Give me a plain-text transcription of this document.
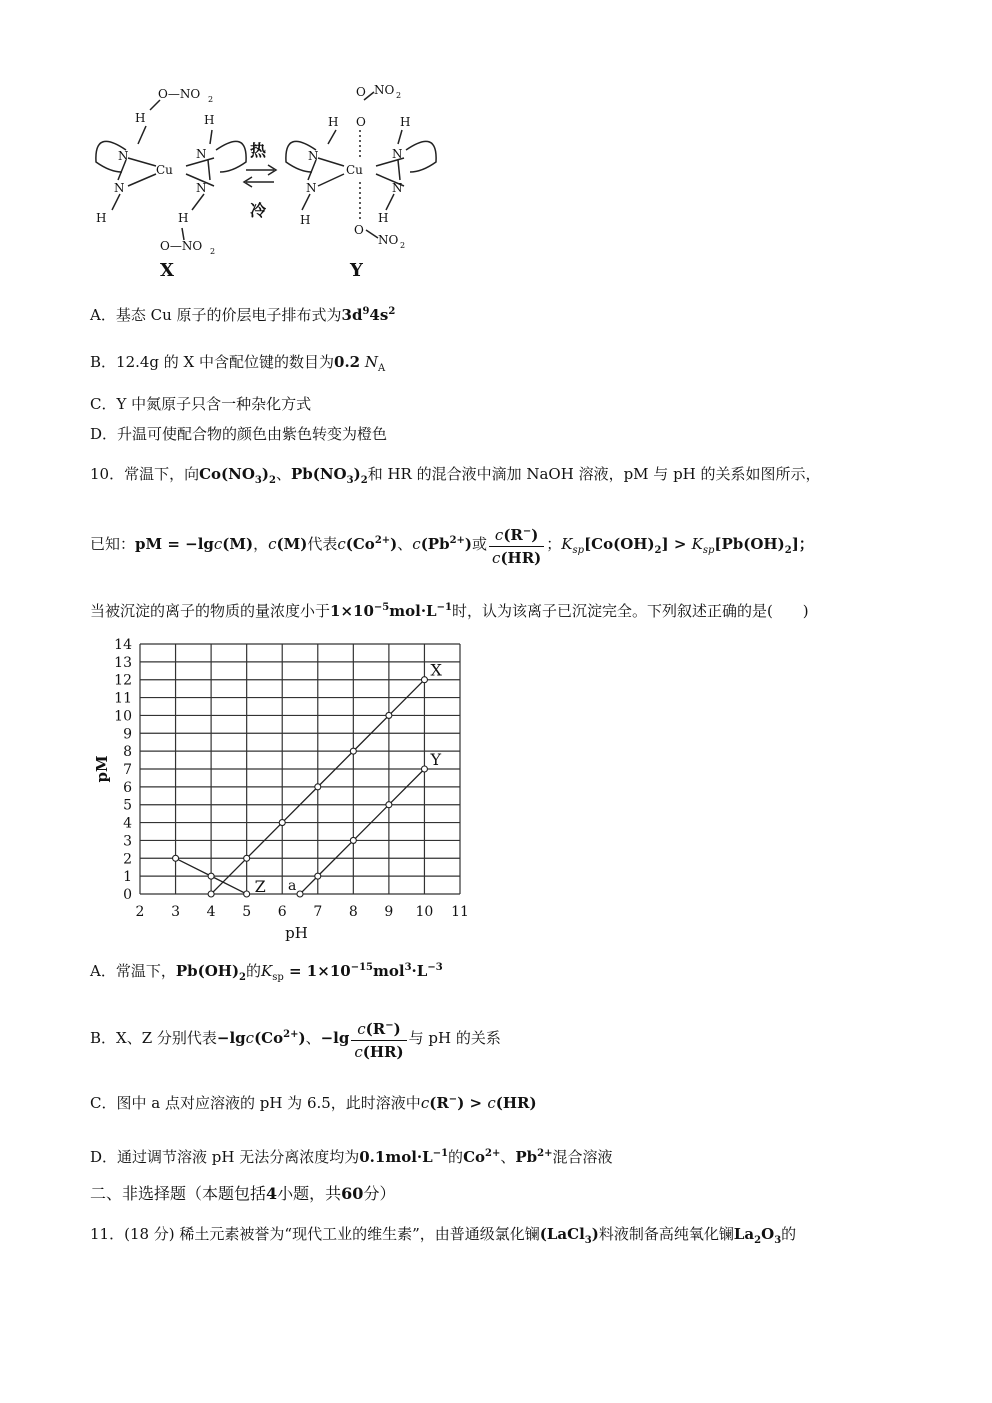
O—NO 2
H	H
N	N
Cu
N	N
H	H
O—NO 2
X
热
冷
O NO 2
H O	H
N	N
Cu
N	N
H	H
O
NO 2
Y
A．基态 Cu 原子的价层电子排布式为$3d^94s^2$
B．12.4g 的 X 中含配位键的数目为0.2 $N_A$
C．Y 中氮原子只含一种杂化方式
D．升温可使配合物的颜色由紫色转变为橙色
10．常温下，向$Co(NO_3)_2$、$Pb(NO_3)_2$和 HR 的混合液中滴加 NaOH 溶液，pM 与 pH 的关系如图所示，
已知：pM = −lgc(M)，c(M)代表$c(Co^{2+})$、$c(Pb^{2+})$或 $\frac{c(R^-)}{c(HR)}$ ；$K_{sp}[Co(OH)_2] > K_{sp}[Pb(OH)_2]$；
当被沉淀的离子的物质的量浓度小于$1\times 10^{-5}mol\cdot L^{-1}$时，认为该离子已沉淀完全。下列叙述正确的是(　　)
2 3 4 5 6 7 8 9 10 11
0
1
2
3
4
5
6
7
8
9
10
11
12
13
14
pH
pM
X
Y
Z a
A．常温下，$Pb(OH)_2$的$K_{sp} = 1\times 10^{-15}mol^3\cdot L^{-3}$
B．X、Z 分别代表$-\lg c(Co^{2+})$、$-\lg \frac{c(R^-)}{c(HR)}$ 与 pH 的关系
C．图中 a 点对应溶液的 pH 为 6.5，此时溶液中c(R−) > c(HR)
D．通过调节溶液 pH 无法分离浓度均为$0.1mol\cdot L^{-1}$的$Co^{2+}$、$Pb^{2+}$混合溶液
二、非选择题（本题包括4小题，共60分）
11．(18 分) 稀土元素被誉为“现代工业的维生素”，由普通级氯化镧(LaCl$_3$)料液制备高纯氧化镧$La_2O_3$的
